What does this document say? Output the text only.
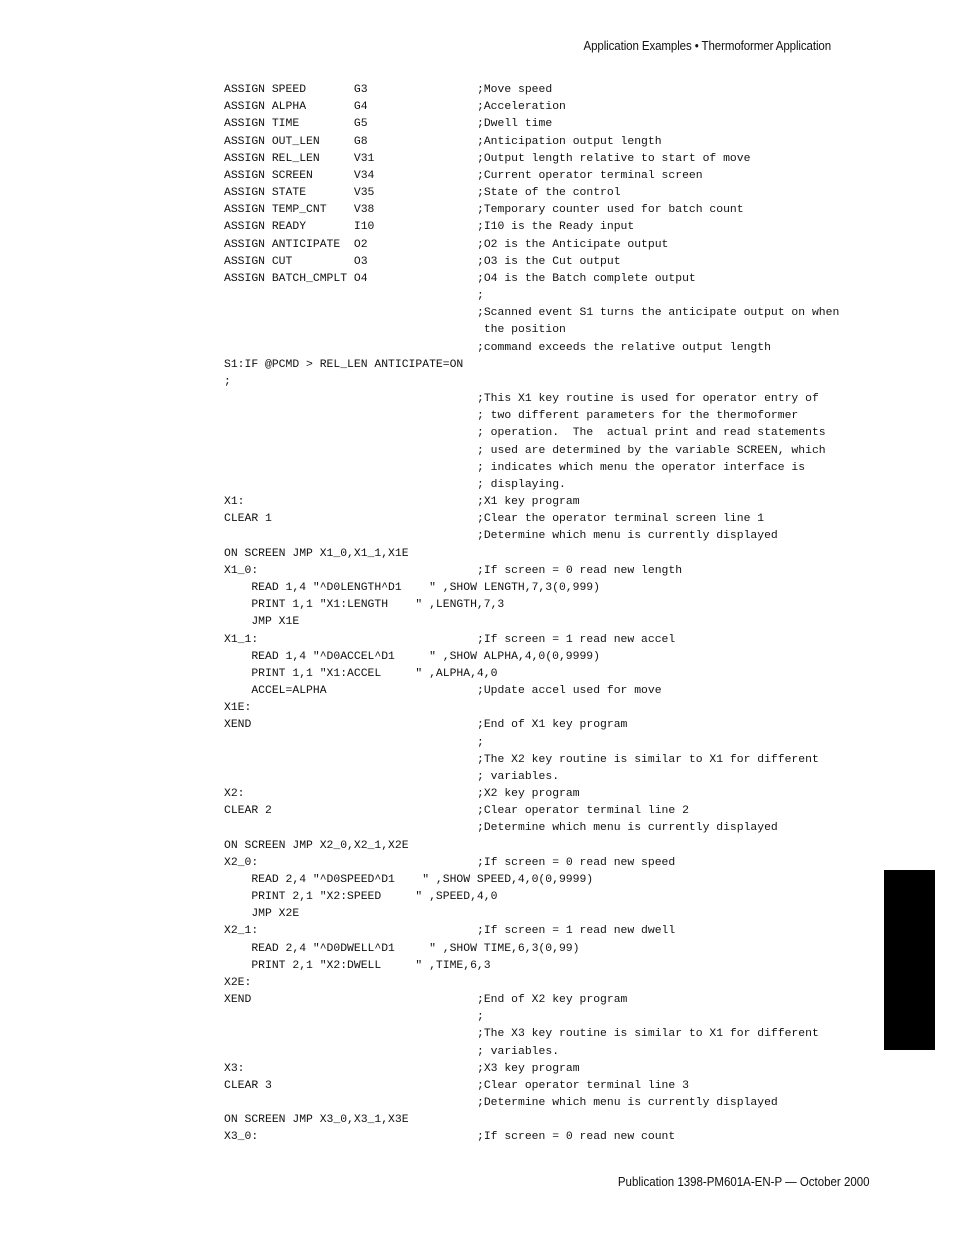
Application Examples • Thermoformer Application
ASSIGN SPEED       G3	;Move speed
ASSIGN ALPHA       G4	;Acceleration
ASSIGN TIME        G5	;Dwell time
ASSIGN OUT_LEN     G8	;Anticipation output length
ASSIGN REL_LEN     V31	;Output length relative to start of move
ASSIGN SCREEN      V34	;Current operator terminal screen
ASSIGN STATE       V35	;State of the control
ASSIGN TEMP_CNT    V38	;Temporary counter used for batch count
ASSIGN READY       I10	;I10 is the Ready input
ASSIGN ANTICIPATE  O2	;O2 is the Anticipate output
ASSIGN CUT         O3	;O3 is the Cut output
ASSIGN BATCH_CMPLT O4	;O4 is the Batch complete output
;
;Scanned event S1 turns the anticipate output on when
the position
;command exceeds the relative output length
S1:IF @PCMD > REL_LEN ANTICIPATE=ON
;
;This X1 key routine is used for operator entry of
; two different parameters for the thermoformer
; operation.  The  actual print and read statements
; used are determined by the variable SCREEN, which
; indicates which menu the operator interface is
; displaying.
X1:	;X1 key program
CLEAR 1	;Clear the operator terminal screen line 1
;Determine which menu is currently displayed
ON SCREEN JMP X1_0,X1_1,X1E
X1_0:	;If screen = 0 read new length
READ 1,4 "^D0LENGTH^D1    " ,SHOW LENGTH,7,3(0,999)
PRINT 1,1 "X1:LENGTH    " ,LENGTH,7,3
JMP X1E
X1_1:	;If screen = 1 read new accel
READ 1,4 "^D0ACCEL^D1     " ,SHOW ALPHA,4,0(0,9999)
PRINT 1,1 "X1:ACCEL     " ,ALPHA,4,0
ACCEL=ALPHA	;Update accel used for move
X1E:
XEND	;End of X1 key program
;
;The X2 key routine is similar to X1 for different
; variables.
X2:	;X2 key program
CLEAR 2	;Clear operator terminal line 2
;Determine which menu is currently displayed
ON SCREEN JMP X2_0,X2_1,X2E
X2_0:	;If screen = 0 read new speed
READ 2,4 "^D0SPEED^D1    " ,SHOW SPEED,4,0(0,9999)
PRINT 2,1 "X2:SPEED     " ,SPEED,4,0
JMP X2E
X2_1:	;If screen = 1 read new dwell
READ 2,4 "^D0DWELL^D1     " ,SHOW TIME,6,3(0,99)
PRINT 2,1 "X2:DWELL     " ,TIME,6,3
X2E:
XEND	;End of X2 key program
;
;The X3 key routine is similar to X1 for different
; variables.
X3:	;X3 key program
CLEAR 3	;Clear operator terminal line 3
;Determine which menu is currently displayed
ON SCREEN JMP X3_0,X3_1,X3E
X3_0:	;If screen = 0 read new count
Publication 1398-PM601A-EN-P — October 2000
